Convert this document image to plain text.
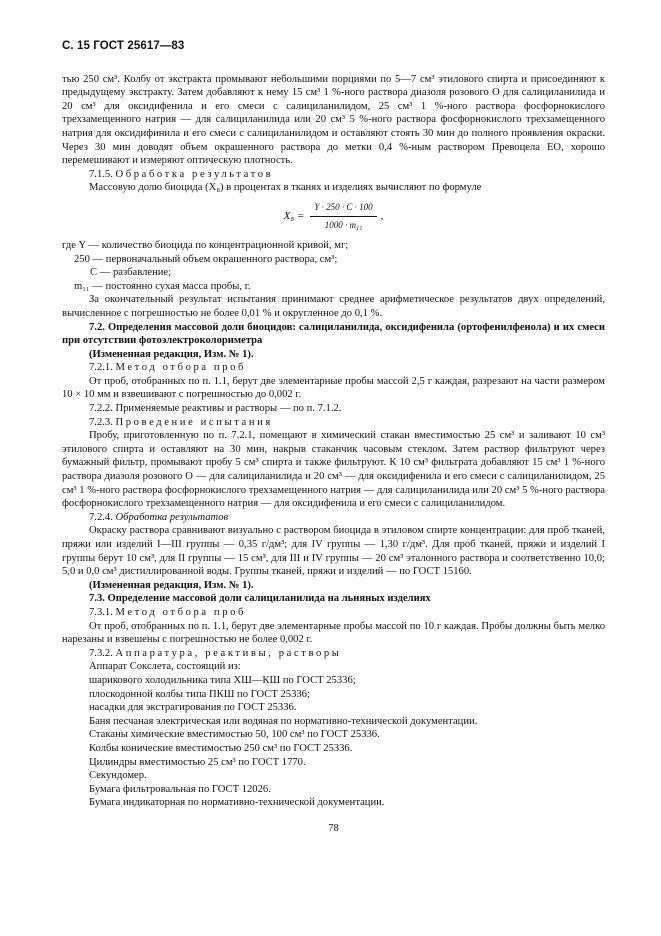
С. 15 ГОСТ 25617—83

тью 250 см³. Колбу от экстракта промывают небольшими порциями по 5—7 см³ этилового спирта и присоединяют к предыдущему экстракту. Затем добавляют к нему 15 см³ 1 %-ного раствора диазоля розового О для салициланилида и 20 см³ для оксидифенила и его смеси с салициланилидом, 25 см³ 1 %-ного раствора фосфорнокислого трехзамещенного натрия — для салициланилида или 20 см³ 5 %-ного раствора фосфорнокислого трехзамещенного натрия для оксидифинила и его смеси с салициланилидом и оставляют стоять 30 мин до полного проявления окраски. Через 30 мин доводят объем окрашенного раствора до метки 0,4 %-ным раствором Превоцела ЕО, хорошо перемешивают и измеряют оптическую плотность.

7.1.5. Обработка результатов

Массовую долю биоцида (X₈) в процентах в тканях и изделиях вычисляют по формуле

$X_8 = \frac{Y \cdot 250 \cdot C \cdot 100}{\text{1000 · m₁₁}}$ ,

где Y — количество биоцида по концентрационной кривой, мг;

250 — первоначальный объем окрашенного раствора, см³;
C — разбавление;
m₁₁ — постоянно сухая масса пробы, г.

За окончательный результат испытания принимают среднее арифметическое результатов двух определений, вычисленное с погрешностью не более 0,01 % и округленное до 0,1 %.

7.2. Определения массовой доли биоцидов: салициланилида, оксидифенила (ортофенилфенола) и их смеси при отсутствии фотоэлектроколориметра

(Измененная редакция, Изм. № 1).

7.2.1. Метод отбора проб

От проб, отобранных по п. 1.1, берут две элементарные пробы массой 2,5 г каждая, разрезают на части размером 10 × 10 мм и взвешивают с погрешностью до 0,002 г.

7.2.2. Применяемые реактивы и растворы — по п. 7.1.2.

7.2.3. Проведение испытания

Пробу, приготовленную по п. 7.2.1, помещают в химический стакан вместимостью 25 см³ и заливают 10 см³ этилового спирта и оставляют на 30 мин, накрыв стаканчик часовым стеклом. Затем раствор фильтруют через бумажный фильтр, промывают пробу 5 см³ спирта и также фильтруют. К 10 см³ фильтрата добавляют 15 см³ 1 %-ного раствора диазоля розового О — для салициланилида и 20 см³ — для оксидифенила и его смеси с салициланилидом, 25 см³ 1 %-ного раствора фосфорнокислого трехзамещенного натрия — для салициланилида или 20 см³ 5 %-ного раствора фосфорнокислого трехзамещенного натрия — для оксидифенила и его смеси с салициланилидом.

7.2.4. Обработка результатов

Окраску раствора сравнивают визуально с раствором биоцида в этиловом спирте концентрации: для проб тканей, пряжи или изделий I—III группы — 0,35 г/дм³; для IV группы — 1,30 г/дм³. Для проб тканей, пряжи и изделий I группы берут 10 см³, для II группы — 15 см³, для III и IV группы — 20 см³ эталонного раствора и соответственно 10,0; 5,0 и 0,0 см³ дистиллированной воды. Группы тканей, пряжи и изделий — по ГОСТ 15160.

(Измененная редакция, Изм. № 1).

7.3. Определение массовой доли салициланилида на льняных изделиях

7.3.1. Метод отбора проб

От проб, отобранных по п. 1.1, берут две элементарные пробы массой по 10 г каждая. Пробы должны быть мелко нарезаны и взвешены с погрешностью не более 0,002 г.

7.3.2. Аппаратура, реактивы, растворы

Аппарат Сокслета, состоящий из:

шарикового холодильника типа ХШ—КШ по ГОСТ 25336;

плоскодонной колбы типа ПКШ по ГОСТ 25336;

насадки для экстрагирования по ГОСТ 25336.

Баня песчаная электрическая или водяная по нормативно-технической документации.

Стаканы химические вместимостью 50, 100 см³ по ГОСТ 25336.

Колбы конические вместимостью 250 см³ по ГОСТ 25336.

Цилиндры вместимостью 25 см³ по ГОСТ 1770.

Секундомер.

Бумага фильтровальная по ГОСТ 12026.

Бумага индикаторная по нормативно-технической документации.

78
